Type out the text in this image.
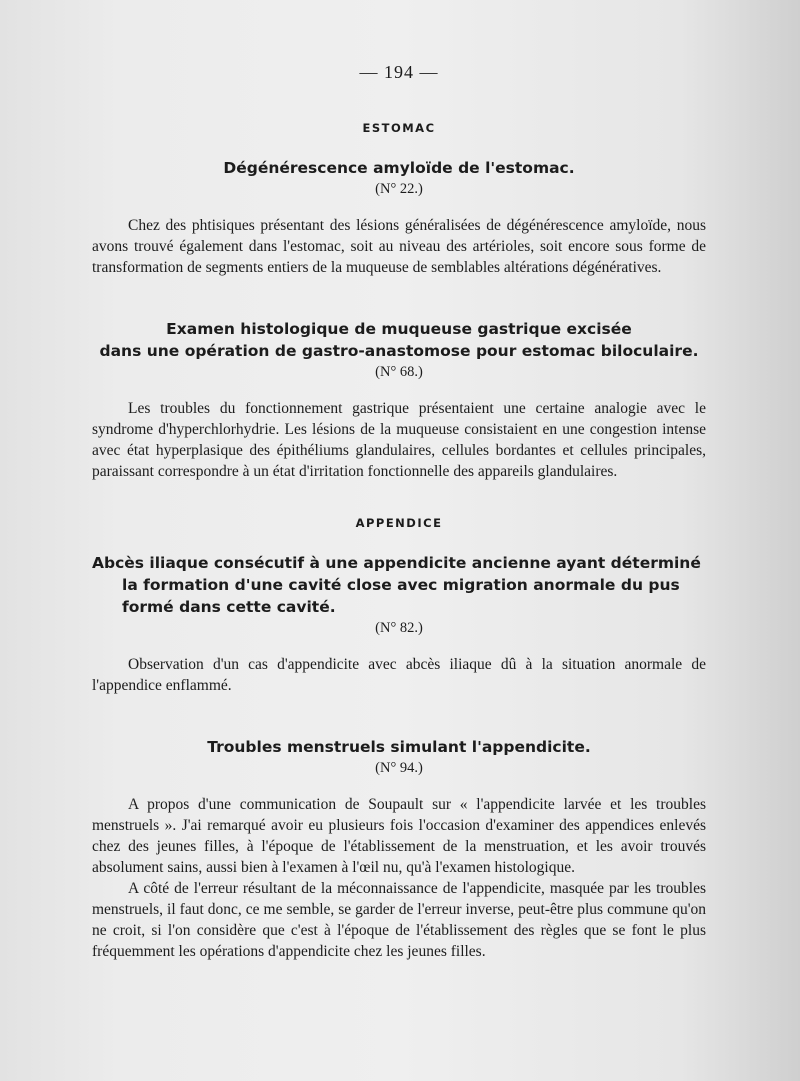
— 194 —
ESTOMAC
Dégénérescence amyloïde de l'estomac.
(N° 22.)

Chez des phtisiques présentant des lésions généralisées de dégénérescence amyloïde, nous avons trouvé également dans l'estomac, soit au niveau des artérioles, soit encore sous forme de transformation de segments entiers de la muqueuse de semblables altérations dégénératives.

Examen histologique de muqueuse gastrique excisée
dans une opération de gastro-anastomose pour estomac biloculaire.
(N° 68.)

Les troubles du fonctionnement gastrique présentaient une certaine analogie avec le syndrome d'hyperchlorhydrie. Les lésions de la muqueuse consistaient en une congestion intense avec état hyperplasique des épithéliums glandulaires, cellules bordantes et cellules principales, paraissant correspondre à un état d'irritation fonctionnelle des appareils glandulaires.

APPENDICE
Abcès iliaque consécutif à une appendicite ancienne ayant déterminé
la formation d'une cavité close avec migration anormale du pus
formé dans cette cavité.
(N° 82.)

Observation d'un cas d'appendicite avec abcès iliaque dû à la situation anormale de l'appendice enflammé.

Troubles menstruels simulant l'appendicite.
(N° 94.)

A propos d'une communication de Soupault sur « l'appendicite larvée et les troubles menstruels ». J'ai remarqué avoir eu plusieurs fois l'occasion d'examiner des appendices enlevés chez des jeunes filles, à l'époque de l'établissement de la menstruation, et les avoir trouvés absolument sains, aussi bien à l'examen à l'œil nu, qu'à l'examen histologique.

A côté de l'erreur résultant de la méconnaissance de l'appendicite, masquée par les troubles menstruels, il faut donc, ce me semble, se garder de l'erreur inverse, peut-être plus commune qu'on ne croit, si l'on considère que c'est à l'époque de l'établissement des règles que se font le plus fréquemment les opérations d'appendicite chez les jeunes filles.
